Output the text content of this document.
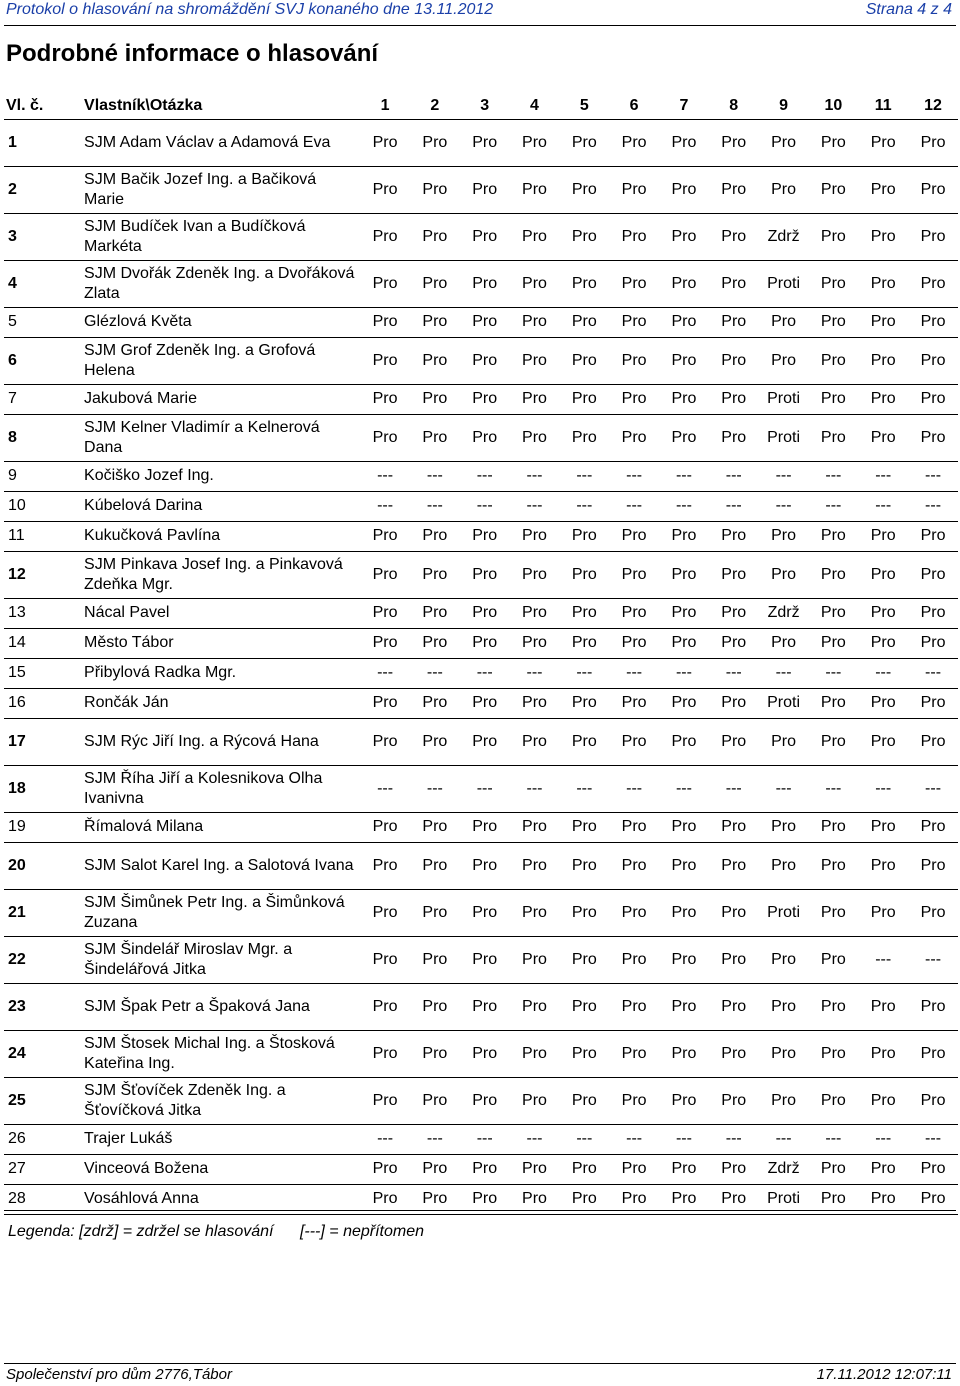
Protokol o hlasování na shromáždění SVJ konaného dne 13.11.2012	Strana 4 z 4
Podrobné informace o hlasování
Vl. č.	Vlastník\Otázka	1	2	3	4	5	6	7	8	9	10	11	12
1	SJM Adam Václav a Adamová Eva	Pro	Pro	Pro	Pro	Pro	Pro	Pro	Pro	Pro	Pro	Pro	Pro
2	SJM Bačik Jozef Ing. a Bačiková Marie	Pro	Pro	Pro	Pro	Pro	Pro	Pro	Pro	Pro	Pro	Pro	Pro
3	SJM Budíček Ivan a Budíčková Markéta	Pro	Pro	Pro	Pro	Pro	Pro	Pro	Pro	Zdrž	Pro	Pro	Pro
4	SJM Dvořák Zdeněk Ing. a Dvořáková Zlata	Pro	Pro	Pro	Pro	Pro	Pro	Pro	Pro	Proti	Pro	Pro	Pro
5	Glézlová Květa	Pro	Pro	Pro	Pro	Pro	Pro	Pro	Pro	Pro	Pro	Pro	Pro
6	SJM Grof Zdeněk Ing. a Grofová Helena	Pro	Pro	Pro	Pro	Pro	Pro	Pro	Pro	Pro	Pro	Pro	Pro
7	Jakubová Marie	Pro	Pro	Pro	Pro	Pro	Pro	Pro	Pro	Proti	Pro	Pro	Pro
8	SJM Kelner Vladimír a Kelnerová Dana	Pro	Pro	Pro	Pro	Pro	Pro	Pro	Pro	Proti	Pro	Pro	Pro
9	Kočiško Jozef Ing.	---	---	---	---	---	---	---	---	---	---	---	---
10	Kúbelová Darina	---	---	---	---	---	---	---	---	---	---	---	---
11	Kukučková Pavlína	Pro	Pro	Pro	Pro	Pro	Pro	Pro	Pro	Pro	Pro	Pro	Pro
12	SJM Pinkava Josef Ing. a Pinkavová Zdeňka Mgr.	Pro	Pro	Pro	Pro	Pro	Pro	Pro	Pro	Pro	Pro	Pro	Pro
13	Nácal Pavel	Pro	Pro	Pro	Pro	Pro	Pro	Pro	Pro	Zdrž	Pro	Pro	Pro
14	Město Tábor	Pro	Pro	Pro	Pro	Pro	Pro	Pro	Pro	Pro	Pro	Pro	Pro
15	Přibylová Radka Mgr.	---	---	---	---	---	---	---	---	---	---	---	---
16	Rončák Ján	Pro	Pro	Pro	Pro	Pro	Pro	Pro	Pro	Proti	Pro	Pro	Pro
17	SJM Rýc Jiří Ing. a Rýcová Hana	Pro	Pro	Pro	Pro	Pro	Pro	Pro	Pro	Pro	Pro	Pro	Pro
18	SJM Říha Jiří a Kolesnikova Olha Ivanivna	---	---	---	---	---	---	---	---	---	---	---	---
19	Římalová Milana	Pro	Pro	Pro	Pro	Pro	Pro	Pro	Pro	Pro	Pro	Pro	Pro
20	SJM Salot Karel Ing. a Salotová Ivana	Pro	Pro	Pro	Pro	Pro	Pro	Pro	Pro	Pro	Pro	Pro	Pro
21	SJM Šimůnek Petr Ing. a Šimůnková Zuzana	Pro	Pro	Pro	Pro	Pro	Pro	Pro	Pro	Proti	Pro	Pro	Pro
22	SJM Šindelář Miroslav Mgr. a Šindelářová Jitka	Pro	Pro	Pro	Pro	Pro	Pro	Pro	Pro	Pro	Pro	---	---
23	SJM Špak Petr a Špaková Jana	Pro	Pro	Pro	Pro	Pro	Pro	Pro	Pro	Pro	Pro	Pro	Pro
24	SJM Štosek Michal Ing. a Štosková Kateřina Ing.	Pro	Pro	Pro	Pro	Pro	Pro	Pro	Pro	Pro	Pro	Pro	Pro
25	SJM Šťovíček Zdeněk Ing. a Šťovíčková Jitka	Pro	Pro	Pro	Pro	Pro	Pro	Pro	Pro	Pro	Pro	Pro	Pro
26	Trajer Lukáš	---	---	---	---	---	---	---	---	---	---	---	---
27	Vinceová Božena	Pro	Pro	Pro	Pro	Pro	Pro	Pro	Pro	Zdrž	Pro	Pro	Pro
28	Vosáhlová Anna	Pro	Pro	Pro	Pro	Pro	Pro	Pro	Pro	Proti	Pro	Pro	Pro
Legenda: [zdrž] = zdržel se hlasování [---] = nepřítomen
Společenství pro dům 2776,Tábor	17.11.2012 12:07:11
